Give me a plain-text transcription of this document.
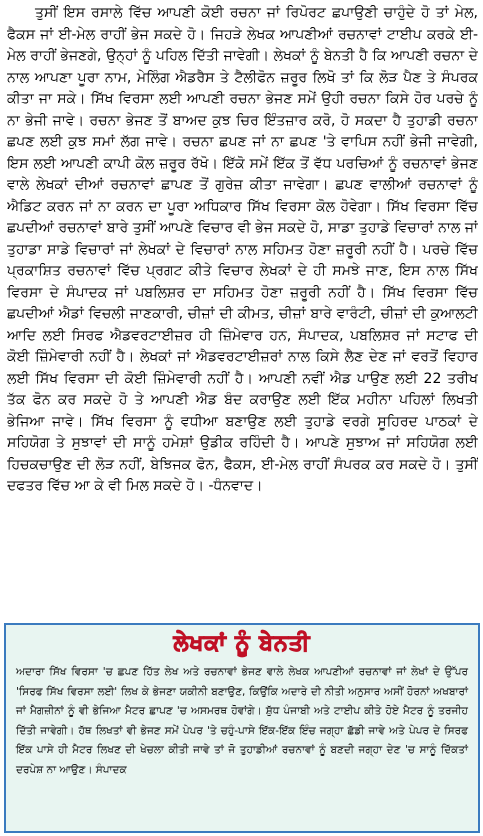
ਤੁਸੀਂ ਇਸ ਰਸਾਲੇ ਵਿੱਚ ਆਪਣੀ ਕੋਈ ਰਚਨਾ ਜਾਂ ਰਿਪੋਰਟ ਛਪਾਉਣੀ ਚਾਹੁੰਦੇ ਹੋ ਤਾਂ ਮੇਲ, ਫੈਕਸ ਜਾਂ ਈ-ਮੇਲ ਰਾਹੀਂ ਭੇਜ ਸਕਦੇ ਹੋ। ਜਿਹੜੇ ਲੇਖਕ ਆਪਣੀਆਂ ਰਚਨਾਵਾਂ ਟਾਈਪ ਕਰਕੇ ਈ-ਮੇਲ ਰਾਹੀਂ ਭੇਜਣਗੇ, ਉਨ੍ਹਾਂ ਨੂੰ ਪਹਿਲ ਦਿੱਤੀ ਜਾਵੇਗੀ। ਲੇਖਕਾਂ ਨੂੰ ਬੇਨਤੀ ਹੈ ਕਿ ਆਪਣੀ ਰਚਨਾ ਦੇ ਨਾਲ ਆਪਣਾ ਪੂਰਾ ਨਾਮ, ਮੇਲਿੰਗ ਐਡਰੈਸ ਤੇ ਟੈਲੀਫੋਨ ਜ਼ਰੂਰ ਲਿਖੋ ਤਾਂ ਕਿ ਲੋੜ ਪੈਣ ਤੇ ਸੰਪਰਕ ਕੀਤਾ ਜਾ ਸਕੇ। ਸਿੱਖ ਵਿਰਸਾ ਲਈ ਆਪਣੀ ਰਚਨਾ ਭੇਜਣ ਸਮੇਂ ਉਹੀ ਰਚਨਾ ਕਿਸੇ ਹੋਰ ਪਰਚੇ ਨੂੰ ਨਾ ਭੇਜੀ ਜਾਵੇ। ਰਚਨਾ ਭੇਜਣ ਤੋਂ ਬਾਅਦ ਕੁਝ ਚਿਰ ਇੰਤਜ਼ਾਰ ਕਰੋ, ਹੋ ਸਕਦਾ ਹੈ ਤੁਹਾਡੀ ਰਚਨਾ ਛਪਣ ਲਈ ਕੁਝ ਸਮਾਂ ਲੱਗ ਜਾਵੇ। ਰਚਨਾ ਛਪਣ ਜਾਂ ਨਾ ਛਪਣ 'ਤੇ ਵਾਪਿਸ ਨਹੀਂ ਭੇਜੀ ਜਾਵੇਗੀ, ਇਸ ਲਈ ਆਪਣੀ ਕਾਪੀ ਕੋਲ ਜ਼ਰੂਰ ਰੱਖੋ। ਇੱਕੋ ਸਮੇਂ ਇੱਕ ਤੋਂ ਵੱਧ ਪਰਚਿਆਂ ਨੂੰ ਰਚਨਾਵਾਂ ਭੇਜਣ ਵਾਲੇ ਲੇਖਕਾਂ ਦੀਆਂ ਰਚਨਾਵਾਂ ਛਾਪਣ ਤੋਂ ਗੁਰੇਜ਼ ਕੀਤਾ ਜਾਵੇਗਾ। ਛਪਣ ਵਾਲੀਆਂ ਰਚਨਾਵਾਂ ਨੂੰ ਐਡਿਟ ਕਰਨ ਜਾਂ ਨਾ ਕਰਨ ਦਾ ਪੂਰਾ ਅਧਿਕਾਰ ਸਿੱਖ ਵਿਰਸਾ ਕੋਲ ਹੋਵੇਗਾ। ਸਿੱਖ ਵਿਰਸਾ ਵਿੱਚ ਛਪਦੀਆਂ ਰਚਨਾਵਾਂ ਬਾਰੇ ਤੁਸੀਂ ਆਪਣੇ ਵਿਚਾਰ ਵੀ ਭੇਜ ਸਕਦੇ ਹੋ, ਸਾਡਾ ਤੁਹਾਡੇ ਵਿਚਾਰਾਂ ਨਾਲ ਜਾਂ ਤੁਹਾਡਾ ਸਾਡੇ ਵਿਚਾਰਾਂ ਜਾਂ ਲੇਖਕਾਂ ਦੇ ਵਿਚਾਰਾਂ ਨਾਲ ਸਹਿਮਤ ਹੋਣਾ ਜ਼ਰੂਰੀ ਨਹੀਂ ਹੈ। ਪਰਚੇ ਵਿੱਚ ਪ੍ਰਕਾਸ਼ਿਤ ਰਚਨਾਵਾਂ ਵਿੱਚ ਪ੍ਰਗਟ ਕੀਤੇ ਵਿਚਾਰ ਲੇਖਕਾਂ ਦੇ ਹੀ ਸਮਝੇ ਜਾਣ, ਇਸ ਨਾਲ ਸਿੱਖ ਵਿਰਸਾ ਦੇ ਸੰਪਾਦਕ ਜਾਂ ਪਬਲਿਸ਼ਰ ਦਾ ਸਹਿਮਤ ਹੋਣਾ ਜ਼ਰੂਰੀ ਨਹੀਂ ਹੈ। ਸਿੱਖ ਵਿਰਸਾ ਵਿੱਚ ਛਪਦੀਆਂ ਐਡਾਂ ਵਿਚਲੀ ਜਾਣਕਾਰੀ, ਚੀਜ਼ਾਂ ਦੀ ਕੀਮਤ, ਚੀਜ਼ਾਂ ਬਾਰੇ ਵਾਰੰਟੀ, ਚੀਜ਼ਾਂ ਦੀ ਕੁਆਲਟੀ ਆਦਿ ਲਈ ਸਿਰਫ ਐਡਵਰਟਾਈਜ਼ਰ ਹੀ ਜ਼ਿੰਮੇਵਾਰ ਹਨ, ਸੰਪਾਦਕ, ਪਬਲਿਸ਼ਰ ਜਾਂ ਸਟਾਫ ਦੀ ਕੋਈ ਜ਼ਿੰਮੇਵਾਰੀ ਨਹੀਂ ਹੈ। ਲੇਖਕਾਂ ਜਾਂ ਐਡਵਰਟਾਈਜ਼ਰਾਂ ਨਾਲ ਕਿਸੇ ਲੈਣ ਦੇਣ ਜਾਂ ਵਰਤੋਂ ਵਿਹਾਰ ਲਈ ਸਿੱਖ ਵਿਰਸਾ ਦੀ ਕੋਈ ਜ਼ਿੰਮੇਵਾਰੀ ਨਹੀਂ ਹੈ। ਆਪਣੀ ਨਵੀਂ ਐਡ ਪਾਉਣ ਲਈ 22 ਤਰੀਖ ਤੱਕ ਫੋਨ ਕਰ ਸਕਦੇ ਹੋ ਤੇ ਆਪਣੀ ਐਡ ਬੰਦ ਕਰਾਉਣ ਲਈ ਇੱਕ ਮਹੀਨਾ ਪਹਿਲਾਂ ਲਿਖਤੀ ਭੇਜਿਆ ਜਾਵੇ। ਸਿੱਖ ਵਿਰਸਾ ਨੂੰ ਵਧੀਆ ਬਣਾਉਣ ਲਈ ਤੁਹਾਡੇ ਵਰਗੇ ਸੂਹਿਰਦ ਪਾਠਕਾਂ ਦੇ ਸਹਿਯੋਗ ਤੇ ਸੁਝਾਵਾਂ ਦੀ ਸਾਨੂੰ ਹਮੇਸ਼ਾਂ ਉਡੀਕ ਰਹਿੰਦੀ ਹੈ। ਆਪਣੇ ਸੁਝਾਅ ਜਾਂ ਸਹਿਯੋਗ ਲਈ ਹਿਚਕਚਾਉਣ ਦੀ ਲੋੜ ਨਹੀਂ, ਬੇਝਿਜਕ ਫੋਨ, ਫੈਕਸ, ਈ-ਮੇਲ ਰਾਹੀਂ ਸੰਪਰਕ ਕਰ ਸਕਦੇ ਹੋ। ਤੁਸੀਂ ਦਫਤਰ ਵਿੱਚ ਆ ਕੇ ਵੀ ਮਿਲ ਸਕਦੇ ਹੋ। -ਧੰਨਵਾਦ।
ਲੇਖਕਾਂ ਨੂੰ ਬੇਨਤੀ
ਅਦਾਰਾ ਸਿੱਖ ਵਿਰਸਾ 'ਚ ਛਪਣ ਹਿੱਤ ਲੇਖ ਅਤੇ ਰਚਨਾਵਾਂ ਭੇਜਣ ਵਾਲੇ ਲੇਖਕ ਆਪਣੀਆਂ ਰਚਨਾਵਾਂ ਜਾਂ ਲੇਖਾਂ ਦੇ ਉੱਪਰ 'ਸਿਰਫ ਸਿੱਖ ਵਿਰਸਾ ਲਈ' ਲਿਖ ਕੇ ਭੇਜਣਾ ਯਕੀਨੀ ਬਣਾਉਣ, ਕਿਉਂਕਿ ਅਦਾਰੇ ਦੀ ਨੀਤੀ ਅਨੁਸਾਰ ਅਸੀਂ ਹੋਰਨਾਂ ਅਖਬਾਰਾਂ ਜਾਂ ਮੈਗਜ਼ੀਨਾਂ ਨੂੰ ਵੀ ਭੇਜਿਆ ਮੈਟਰ ਛਾਪਣ 'ਚ ਅਸਮਰਥ ਹੋਵਾਂਗੇ। ਸ਼ੁੱਧ ਪੰਜਾਬੀ ਅਤੇ ਟਾਈਪ ਕੀਤੇ ਹੋਏ ਮੈਟਰ ਨੂੰ ਤਰਜੀਹ ਦਿੱਤੀ ਜਾਵੇਗੀ। ਹੱਥ ਲਿਖਤਾਂ ਵੀ ਭੇਜਣ ਸਮੇਂ ਪੇਪਰ 'ਤੇ ਚਹੁੰ-ਪਾਸੇ ਇੱਕ-ਇੱਕ ਇੰਚ ਜਗ੍ਹਾ ਛੱਡੀ ਜਾਵੇ ਅਤੇ ਪੇਪਰ ਦੇ ਸਿਰਫ ਇੱਕ ਪਾਸੇ ਹੀ ਮੈਟਰ ਲਿਖਣ ਦੀ ਖੇਚਲਾ ਕੀਤੀ ਜਾਵੇ ਤਾਂ ਜੋ ਤੁਹਾਡੀਆਂ ਰਚਨਾਵਾਂ ਨੂੰ ਬਣਦੀ ਜਗ੍ਹਾ ਦੇਣ 'ਚ ਸਾਨੂੰ ਦਿੱਕਤਾਂ ਦਰਪੇਸ਼ ਨਾ ਆਉਣ। ਸੰਪਾਦਕ
